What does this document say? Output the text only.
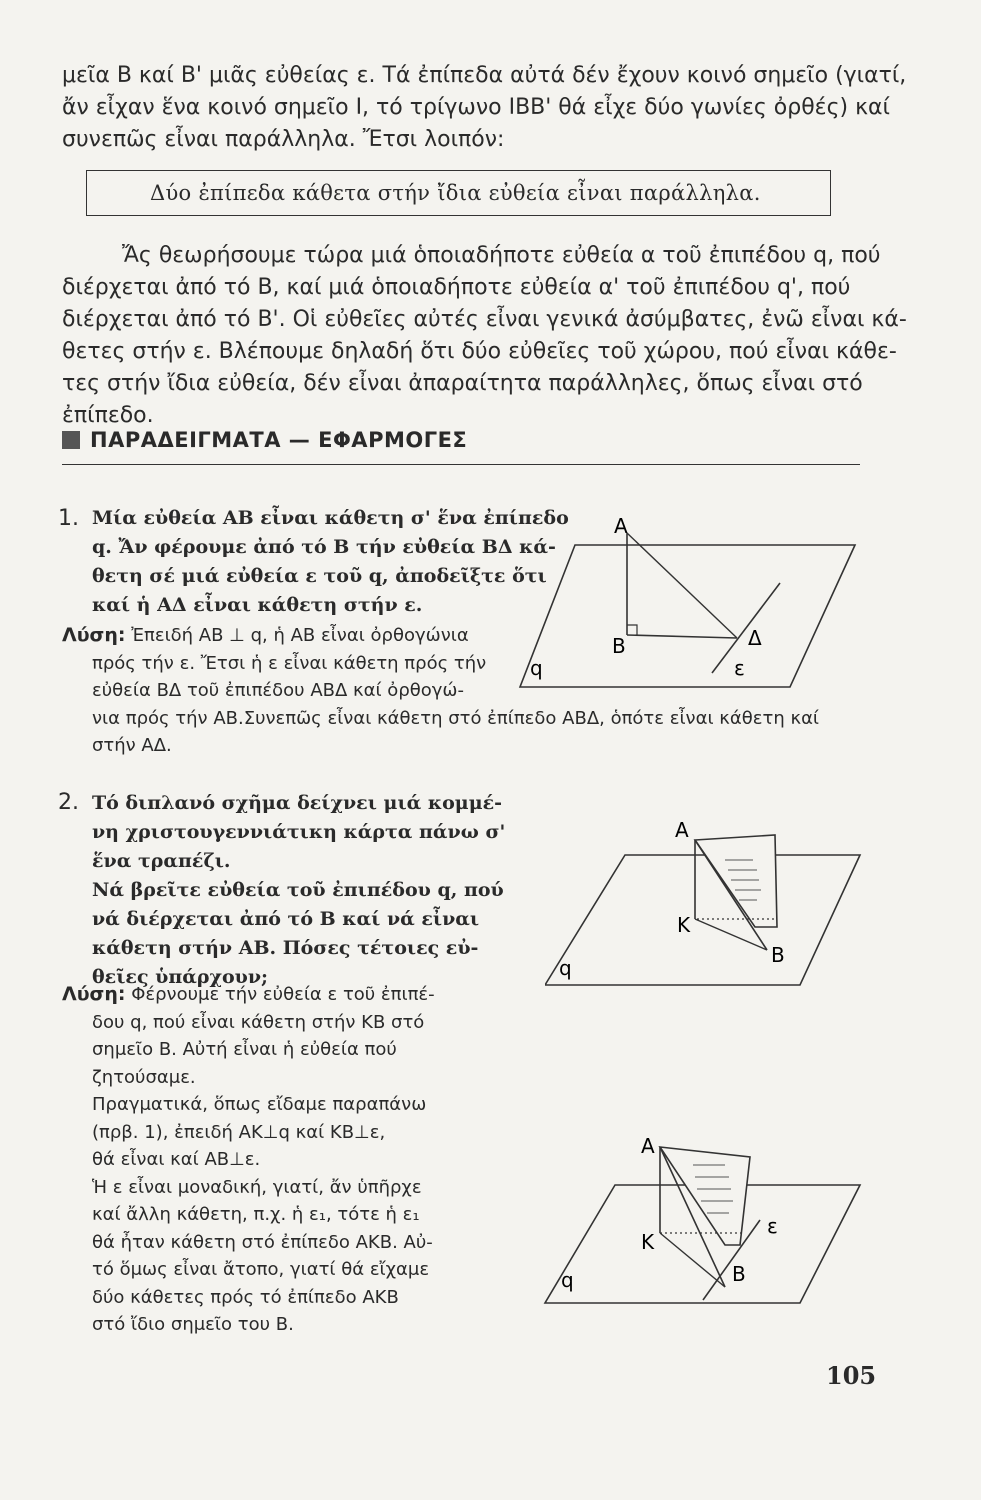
μεῖα Β καί Β' μιᾶς εὐθείας ε. Τά ἐπίπεδα αὐτά δέν ἔχουν κοινό σημεῖο (γιατί,
ἄν εἶχαν ἕνα κοινό σημεῖο Ι, τό τρίγωνο ΙΒΒ' θά εἶχε δύο γωνίες ὀρθές) καί
συνεπῶς εἶναι παράλληλα. Ἔτσι λοιπόν:
Δύο ἐπίπεδα κάθετα στήν ἴδια εὐθεία εἶναι παράλληλα.
Ἄς θεωρήσουμε τώρα μιά ὁποιαδήποτε εὐθεία α τοῦ ἐπιπέδου q, πού
διέρχεται ἀπό τό Β, καί μιά ὁποιαδήποτε εὐθεία α' τοῦ ἐπιπέδου q', πού
διέρχεται ἀπό τό Β'. Οἱ εὐθεῖες αὐτές εἶναι γενικά ἀσύμβατες, ἐνῶ εἶναι κά-
θετες στήν ε. Βλέπουμε δηλαδή ὅτι δύο εὐθεῖες τοῦ χώρου, πού εἶναι κάθε-
τες στήν ἴδια εὐθεία, δέν εἶναι ἀπαραίτητα παράλληλες, ὅπως εἶναι στό
ἐπίπεδο.
ΠΑΡΑΔΕΙΓΜΑΤΑ — ΕΦΑΡΜΟΓΕΣ
1. Μία εὐθεία ΑΒ εἶναι κάθετη σ' ἕνα ἐπίπεδο
q. Ἄν φέρουμε ἀπό τό Β τήν εὐθεία ΒΔ κά-
θετη σέ μιά εὐθεία ε τοῦ q, ἀποδεῖξτε ὅτι
καί ἡ ΑΔ εἶναι κάθετη στήν ε.
Λύση: Ἐπειδή ΑΒ ⊥ q, ἡ ΑΒ εἶναι ὀρθογώνια
πρός τήν ε. Ἔτσι ἡ ε εἶναι κάθετη πρός τήν
εὐθεία ΒΔ τοῦ ἐπιπέδου ΑΒΔ καί ὀρθογώ-
νια πρός τήν ΑΒ.Συνεπῶς εἶναι κάθετη στό ἐπίπεδο ΑΒΔ, ὁπότε εἶναι κάθετη καί
στήν ΑΔ.
Α
Β	Δ
ε
q
2. Τό διπλανό σχῆμα δείχνει μιά κομμέ-
νη χριστουγεννιάτικη κάρτα πάνω σ'
ἕνα τραπέζι.
Νά βρεῖτε εὐθεία τοῦ ἐπιπέδου q, πού
νά διέρχεται ἀπό τό Β καί νά εἶναι
κάθετη στήν ΑΒ. Πόσες τέτοιες εὐ-
θεῖες ὑπάρχουν;
Λύση: Φέρνουμε τήν εὐθεία ε τοῦ ἐπιπέ-
δου q, πού εἶναι κάθετη στήν ΚΒ στό
σημεῖο Β. Αὐτή εἶναι ἡ εὐθεία πού
ζητούσαμε.
Πραγματικά, ὅπως εἴδαμε παραπάνω
(πρβ. 1), ἐπειδή ΑΚ⊥q καί ΚΒ⊥ε,
θά εἶναι καί ΑΒ⊥ε.
Ἡ ε εἶναι μοναδική, γιατί, ἄν ὑπῆρχε
καί ἄλλη κάθετη, π.χ. ἡ ε₁, τότε ἡ ε₁
θά ἦταν κάθετη στό ἐπίπεδο ΑΚΒ. Αὐ-
τό ὅμως εἶναι ἄτοπο, γιατί θά εἴχαμε
δύο κάθετες πρός τό ἐπίπεδο ΑΚΒ
στό ἴδιο σημεῖο του Β.
Α
Κ
Β
q
Α
Κ
Β
ε
q
105
